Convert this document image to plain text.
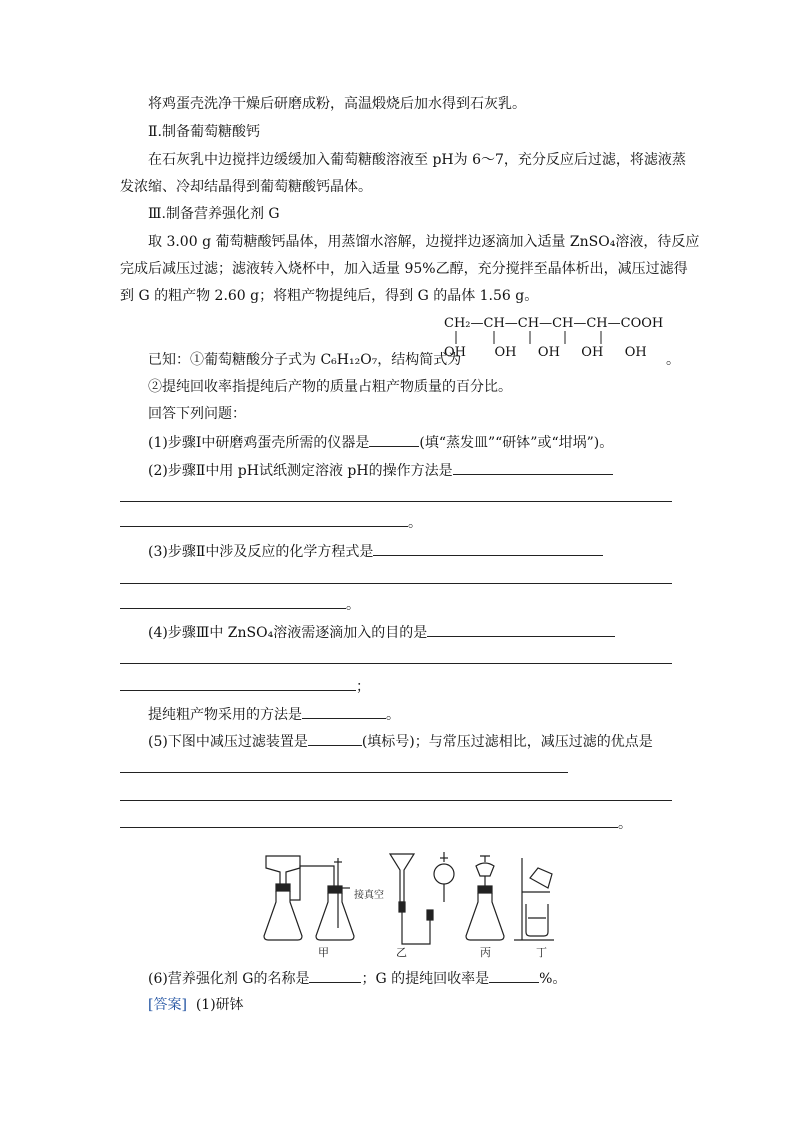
将鸡蛋壳洗净干燥后研磨成粉，高温煅烧后加水得到石灰乳。
Ⅱ.制备葡萄糖酸钙
在石灰乳中边搅拌边缓缓加入葡萄糖酸溶液至 pH为 6～7，充分反应后过滤，将滤液蒸
发浓缩、冷却结晶得到葡萄糖酸钙晶体。
Ⅲ.制备营养强化剂 G
取 3.00 g 葡萄糖酸钙晶体，用蒸馏水溶解，边搅拌边逐滴加入适量 ZnSO₄溶液，待反应
完成后减压过滤；滤液转入烧杯中，加入适量 95%乙醇，充分搅拌至晶体析出，减压过滤得
到 G 的粗产物 2.60 g；将粗产物提纯后，得到 G 的晶体 1.56 g。
CH₂—CH—CH—CH—CH—COOH
OH    OH   OH   OH   OH
已知：①葡萄糖酸分子式为 C₆H₁₂O₇，结构简式为	。
②提纯回收率指提纯后产物的质量占粗产物质量的百分比。
回答下列问题：
(1)步骤Ⅰ中研磨鸡蛋壳所需的仪器是	(填“蒸发皿”“研钵”或“坩埚”)。
(2)步骤Ⅱ中用 pH试纸测定溶液 pH的操作方法是
。
(3)步骤Ⅱ中涉及反应的化学方程式是
。
(4)步骤Ⅲ中 ZnSO₄溶液需逐滴加入的目的是
；
提纯粗产物采用的方法是	。
(5)下图中减压过滤装置是	(填标号)；与常压过滤相比，减压过滤的优点是
。
接真空
甲	乙	丙	丁
(6)营养强化剂 G的名称是	；G 的提纯回收率是	%。
[答案] (1)研钵
